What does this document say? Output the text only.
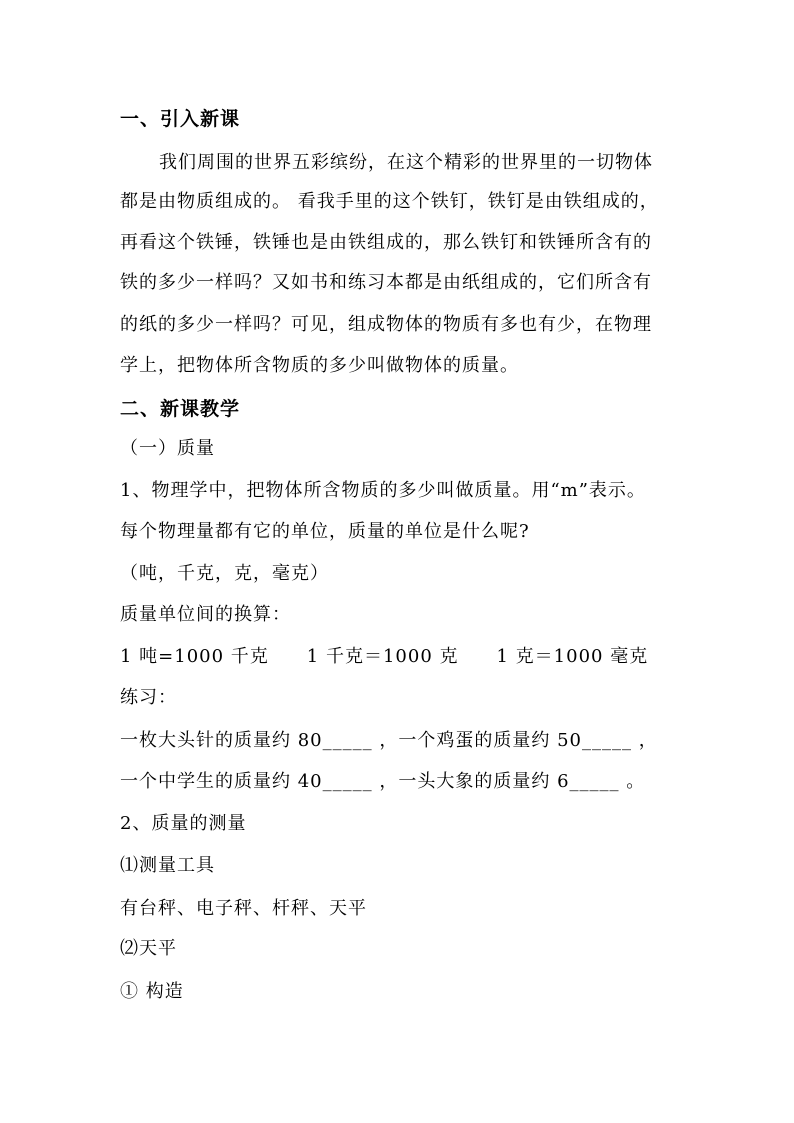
一、引入新课
我们周围的世界五彩缤纷，在这个精彩的世界里的一切物体
都是由物质组成的。 看我手里的这个铁钉，铁钉是由铁组成的，
再看这个铁锤，铁锤也是由铁组成的，那么铁钉和铁锤所含有的
铁的多少一样吗？又如书和练习本都是由纸组成的，它们所含有
的纸的多少一样吗？可见，组成物体的物质有多也有少，在物理
学上，把物体所含物质的多少叫做物体的质量。
二、新课教学
（一）质量
1、物理学中，把物体所含物质的多少叫做质量。用“m”表示。
每个物理量都有它的单位，质量的单位是什么呢?
（吨，千克，克，毫克）
质量单位间的换算：
1 吨=1000 千克　　1 千克＝1000 克　　1 克＝1000 毫克
练习：
一枚大头针的质量约 80_____ ，一个鸡蛋的质量约 50_____ ，
一个中学生的质量约 40_____ ，一头大象的质量约 6_____ 。
2、质量的测量
⑴测量工具
有台秤、电子秤、杆秤、天平
⑵天平
① 构造
